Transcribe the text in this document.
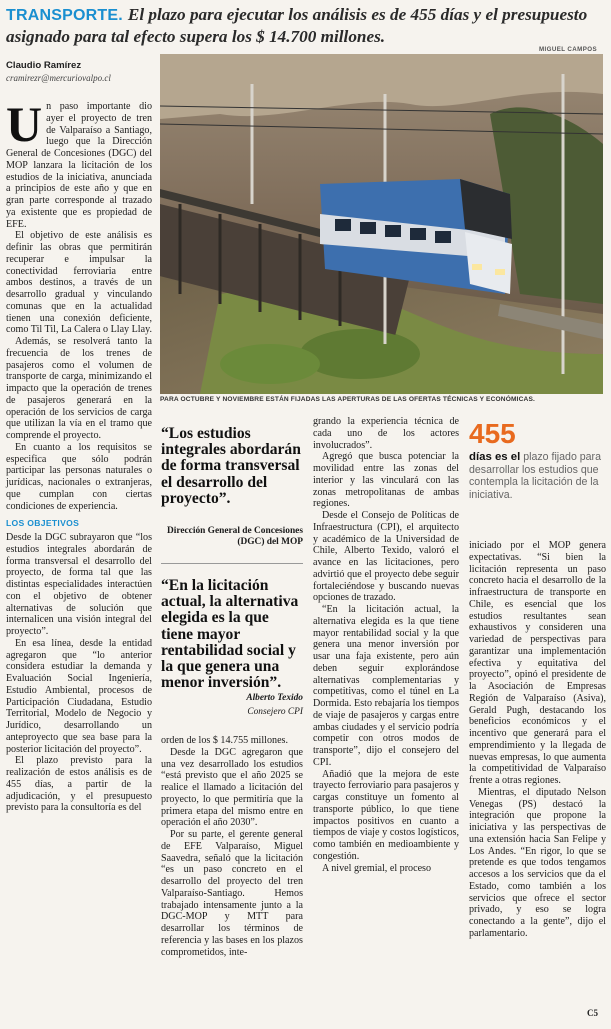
TRANSPORTE. El plazo para ejecutar los análisis es de 455 días y el presupuesto asignado para tal efecto supera los $ 14.700 millones.
Claudio Ramírez
cramirezr@mercuriovalpo.cl
MIGUEL CAMPOS
PARA OCTUBRE Y NOVIEMBRE ESTÁN FIJADAS LAS APERTURAS DE LAS OFERTAS TÉCNICAS Y ECONÓMICAS.

Un paso importante dio ayer el proyecto de tren de Valparaíso a Santiago, luego que la Dirección General de Concesiones (DGC) del MOP lanzara la licitación de los estudios de la iniciativa, anunciada a principios de este año y que en gran parte corresponde al trazado ya existente que es propiedad de EFE.

El objetivo de este análisis es definir las obras que permitirán recuperar e impulsar la conectividad ferroviaria entre ambos destinos, a través de un desarrollo gradual y vinculando comunas que en la actualidad tienen una conexión deficiente, como Til Til, La Calera o Llay Llay.

Además, se resolverá tanto la frecuencia de los trenes de pasajeros como el volumen de transporte de carga, minimizando el impacto que la operación de trenes de pasajeros generará en la operación de los servicios de carga que utilizan la vía en el tramo que comprende el proyecto.

En cuanto a los requisitos se especifica que sólo podrán participar las personas naturales o jurídicas, nacionales o extranjeras, que cumplan con ciertas condiciones de experiencia.

LOS OBJETIVOS

Desde la DGC subrayaron que “los estudios integrales abordarán de forma transversal el desarrollo del proyecto, de forma tal que las distintas especialidades interactúen con el objetivo de obtener alternativas de solución que internalicen una visión integral del proyecto”.

En esa línea, desde la entidad agregaron que “lo anterior considera estudiar la demanda y Evaluación Social Ingeniería, Estudio Ambiental, procesos de Participación Ciudadana, Estudio Territorial, Modelo de Negocio y Jurídico, desarrollando un anteproyecto que sea base para la posterior licitación del proyecto”.

El plazo previsto para la realización de estos análisis es de 455 días, a partir de la adjudicación, y el presupuesto previsto para la consultoría es del

“Los estudios integrales abordarán de forma transversal el desarrollo del proyecto”.
Dirección General de Concesiones (DGC) del MOP
“En la licitación actual, la alternativa elegida es la que tiene mayor rentabilidad social y la que genera una menor inversión”.
Alberto Texido
Consejero CPI

orden de los $ 14.755 millones.

Desde la DGC agregaron que una vez desarrollado los estudios “está previsto que el año 2025 se realice el llamado a licitación del proyecto, lo que permitiría que la primera etapa del mismo entre en operación el año 2030”.

Por su parte, el gerente general de EFE Valparaíso, Miguel Saavedra, señaló que la licitación “es un paso concreto en el desarrollo del proyecto del tren Valparaíso-Santiago. Hemos trabajado intensamente junto a la DGC-MOP y MTT para desarrollar los términos de referencia y las bases en los plazos comprometidos, inte-

grando la experiencia técnica de cada uno de los actores involucrados”.

Agregó que busca potenciar la movilidad entre las zonas del interior y las vinculará con las zonas metropolitanas de ambas regiones.

Desde el Consejo de Políticas de Infraestructura (CPI), el arquitecto y académico de la Universidad de Chile, Alberto Texido, valoró el avance en las licitaciones, pero advirtió que el proyecto debe seguir fortaleciéndose y buscando nuevas opciones de trazado.

“En la licitación actual, la alternativa elegida es la que tiene mayor rentabilidad social y la que genera una menor inversión por usar una faja existente, pero aún deben seguir explorándose alternativas complementarias y competitivas, como el túnel en La Dormida. Esto rebajaría los tiempos de viaje de pasajeros y cargas entre ambas ciudades y el servicio podría competir con otros modos de transporte”, dijo el consejero del CPI.

Añadió que la mejora de este trayecto ferroviario para pasajeros y cargas constituye un fomento al transporte público, lo que tiene impactos positivos en cuanto a tiempos de viaje y costos logísticos, como también en medioambiente y congestión.

A nivel gremial, el proceso

455
días es el plazo fijado para desarrollar los estudios que contempla la licitación de la iniciativa.

iniciado por el MOP genera expectativas. “Si bien la licitación representa un paso concreto hacia el desarrollo de la infraestructura de transporte en Chile, es esencial que los estudios resultantes sean exhaustivos y consideren una variedad de perspectivas para garantizar una implementación efectiva y equitativa del proyecto”, opinó el presidente de la Asociación de Empresas Región de Valparaíso (Asiva), Gerald Pugh, destacando los beneficios económicos y el incentivo que generará para el emprendimiento y la llegada de nuevas empresas, lo que aumenta la competitividad de Valparaíso frente a otras regiones.

Mientras, el diputado Nelson Venegas (PS) destacó la integración que propone la iniciativa y las perspectivas de una extensión hacia San Felipe y Los Andes. “En rigor, lo que se pretende es que todos tengamos accesos a los servicios que da el Estado, como también a los servicios que ofrece el sector privado, y eso se logra conectando a la gente”, dijo el parlamentario.

C5
